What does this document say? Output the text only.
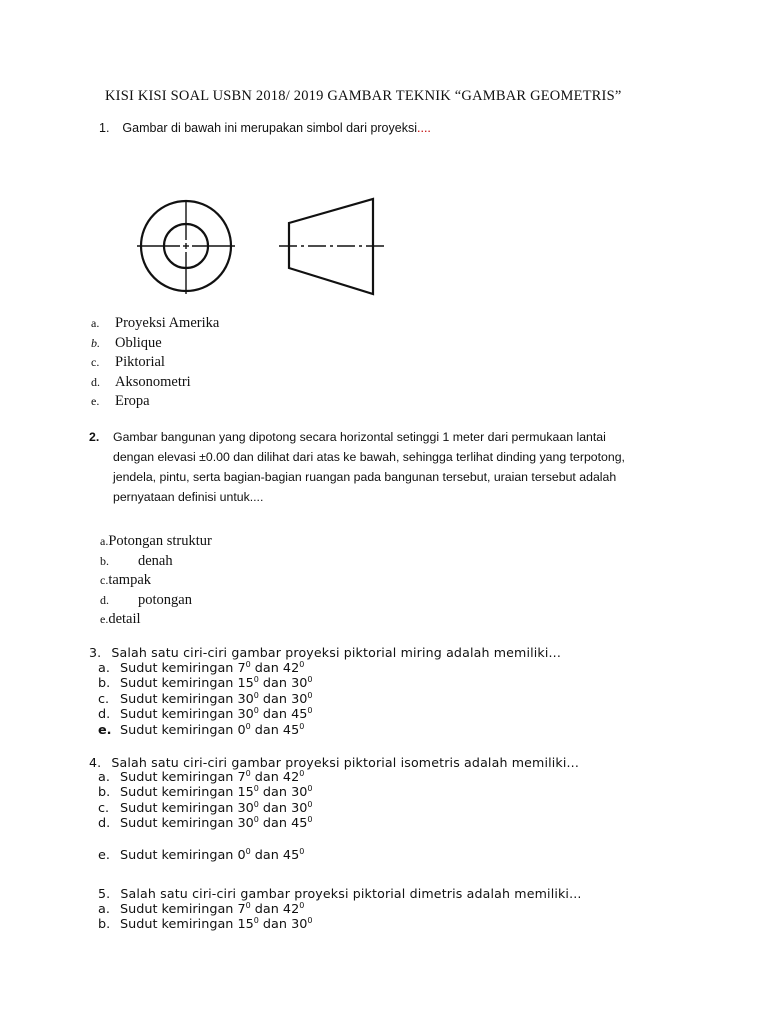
KISI KISI SOAL USBN 2018/ 2019 GAMBAR TEKNIK “GAMBAR GEOMETRIS”
1. Gambar di bawah ini merupakan simbol dari proyeksi....
a. Proyeksi Amerika
b. Oblique
c. Piktorial
d. Aksonometri
e. Eropa
2. Gambar bangunan yang dipotong secara horizontal setinggi 1 meter dari permukaan lantai
dengan elevasi ±0.00 dan dilihat dari atas ke bawah, sehingga terlihat dinding yang terpotong,
jendela, pintu, serta bagian-bagian ruangan pada bangunan tersebut, uraian tersebut adalah
pernyataan definisi untuk....
a.Potongan struktur
b. denah
c.tampak
d. potongan
e.detail
3. Salah satu ciri-ciri gambar proyeksi piktorial miring adalah memiliki...
a. Sudut kemiringan $7^0$ dan $42^0$
b. Sudut kemiringan $15^0$ dan $30^0$
c. Sudut kemiringan $30^0$ dan $30^0$
d. Sudut kemiringan $30^0$ dan $45^0$
e. Sudut kemiringan $0^0$ dan $45^0$
4. Salah satu ciri-ciri gambar proyeksi piktorial isometris adalah memiliki...
a. Sudut kemiringan $7^0$ dan $42^0$
b. Sudut kemiringan $15^0$ dan $30^0$
c. Sudut kemiringan $30^0$ dan $30^0$
d. Sudut kemiringan $30^0$ dan $45^0$
e. Sudut kemiringan $0^0$ dan $45^0$
5. Salah satu ciri-ciri gambar proyeksi piktorial dimetris adalah memiliki...
a. Sudut kemiringan $7^0$ dan $42^0$
b. Sudut kemiringan $15^0$ dan $30^0$
